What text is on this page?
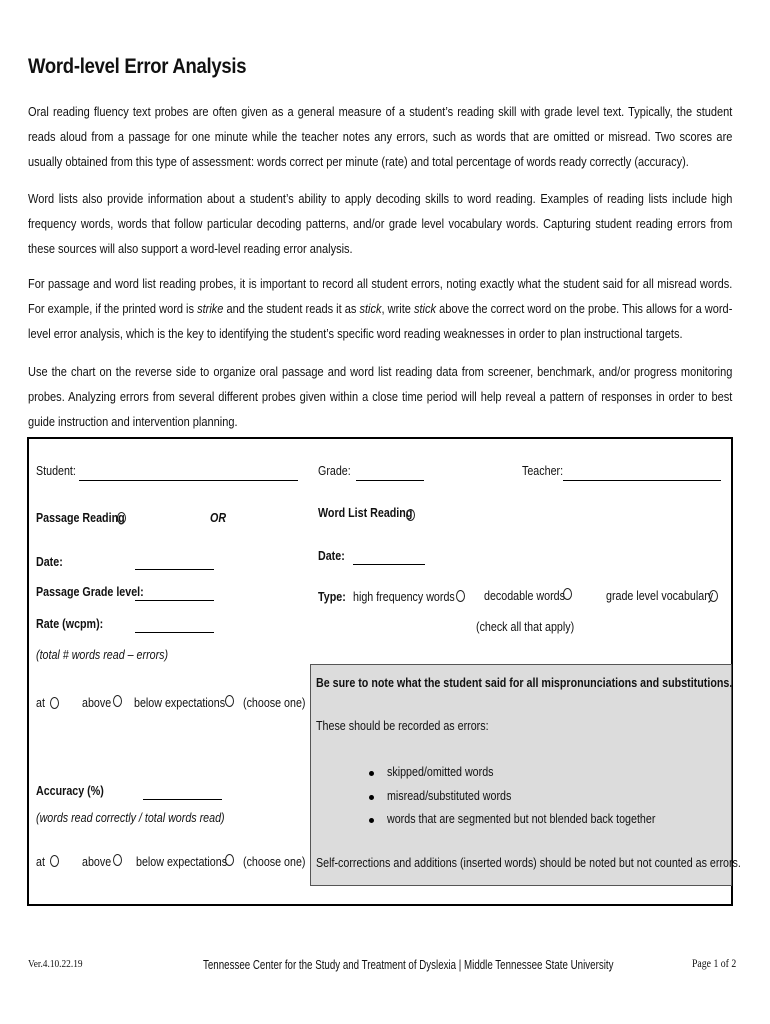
Word-level Error Analysis

Oral reading fluency text probes are often given as a general measure of a student’s reading skill with grade level text. Typically, the student reads aloud from a passage for one minute while the teacher notes any errors, such as words that are omitted or misread. Two scores are usually obtained from this type of assessment: words correct per minute (rate) and total percentage of words ready correctly (accuracy).

Word lists also provide information about a student’s ability to apply decoding skills to word reading. Examples of reading lists include high frequency words, words that follow particular decoding patterns, and/or grade level vocabulary words. Capturing student reading errors from these sources will also support a word-level reading error analysis.

For passage and word list reading probes, it is important to record all student errors, noting exactly what the student said for all misread words. For example, if the printed word is strike and the student reads it as stick, write stick above the correct word on the probe. This allows for a word-level error analysis, which is the key to identifying the student’s specific word reading weaknesses in order to plan instructional targets.

Use the chart on the reverse side to organize oral passage and word list reading data from screener, benchmark, and/or progress monitoring probes. Analyzing errors from several different probes given within a close time period will help reveal a pattern of responses in order to best guide instruction and intervention planning.

Student:	Grade:	Teacher:
Passage Reading	OR	Word List Reading
Date:	Date:
Passage Grade level:	Type: high frequency words decodable words	grade level vocabulary
Rate (wcpm):	(check all that apply)
(total # words read – errors)
at	above below expectations (choose one)
Accuracy (%)
(words read correctly / total words read)
at	above below expectations (choose one)
Be sure to note what the student said for all mispronunciations and substitutions.
These should be recorded as errors:
skipped/omitted words
misread/substituted words
words that are segmented but not blended back together
Self-corrections and additions (inserted words) should be noted but not counted as errors.
Ver.4.10.22.19	Tennessee Center for the Study and Treatment of Dyslexia | Middle Tennessee State University	Page 1 of 2
